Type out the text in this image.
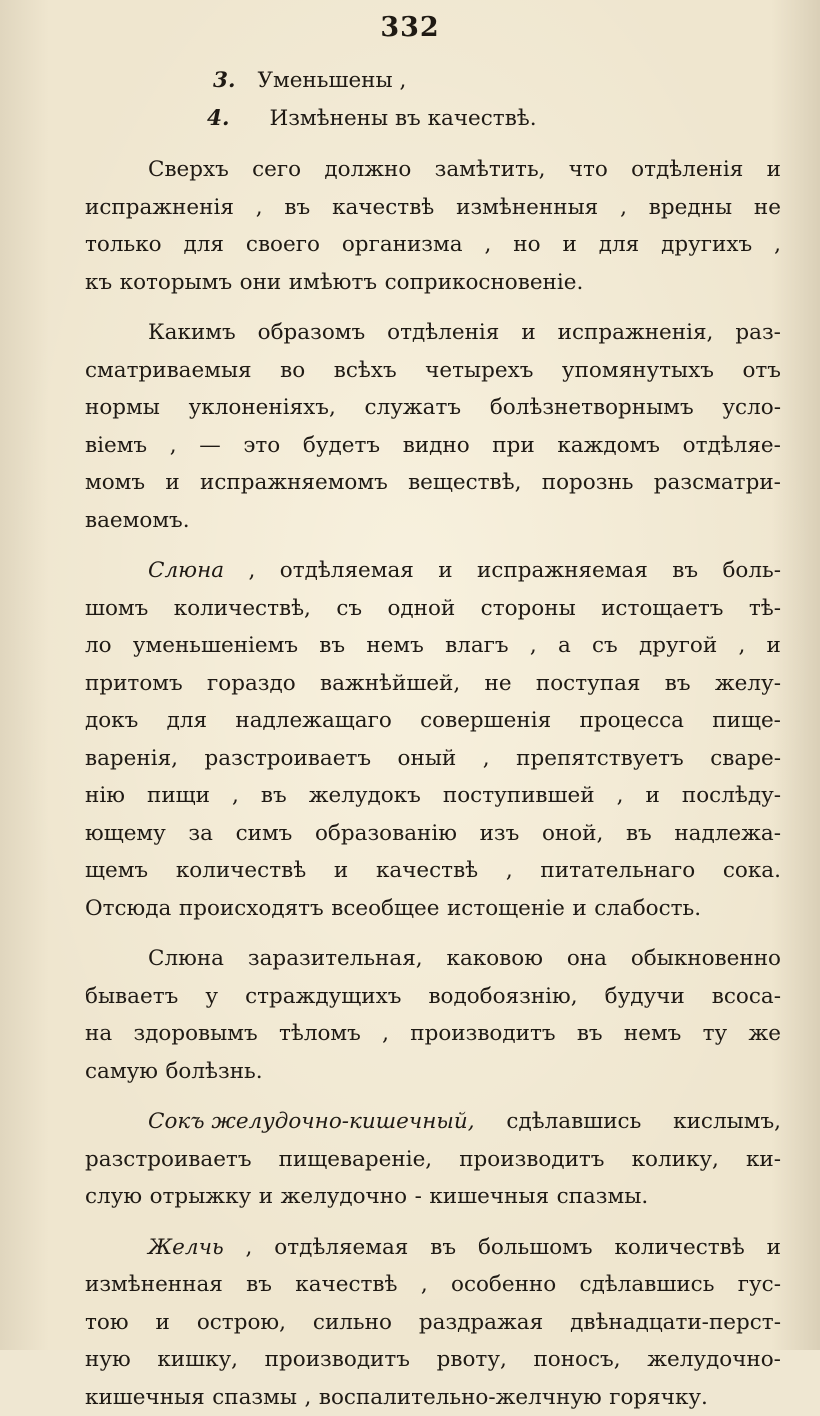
332
3. Уменьшены ,
4. Измѣнены въ качествѣ.
Сверхъ сего должно замѣтить, что отдѣленія и
испражненія , въ качествѣ измѣненныя , вредны не
только для своего организма , но и для другихъ ,
къ которымъ они имѣютъ соприкосновеніе.
Какимъ образомъ отдѣленія и испражненія, раз-
сматриваемыя во всѣхъ четырехъ упомянутыхъ отъ
нормы уклоненіяхъ, служатъ болѣзнетворнымъ усло-
віемъ , — это будетъ видно при каждомъ отдѣляе-
момъ и испражняемомъ веществѣ, порознь разсматри-
ваемомъ.
Слюна , отдѣляемая и испражняемая въ боль-
шомъ количествѣ, съ одной стороны истощаетъ тѣ-
ло уменьшеніемъ въ немъ влагъ , а съ другой , и
притомъ гораздо важнѣйшей, не поступая въ желу-
докъ для надлежащаго совершенія процесса пище-
варенія, разстроиваетъ оный , препятствуетъ сваре-
нію пищи , въ желудокъ поступившей , и послѣду-
ющему за симъ образованію изъ оной, въ надлежа-
щемъ количествѣ и качествѣ , питательнаго сока.
Отсюда происходятъ всеобщее истощеніе и слабость.
Слюна заразительная, каковою она обыкновенно
бываетъ у страждущихъ водобоязнію, будучи всоса-
на здоровымъ тѣломъ , производитъ въ немъ ту же
самую болѣзнь.
Сокъ желудочно-кишечный, сдѣлавшись кислымъ,
разстроиваетъ пищевареніе, производитъ колику, ки-
слую отрыжку и желудочно - кишечныя спазмы.
Желчь , отдѣляемая въ большомъ количествѣ и
измѣненная въ качествѣ , особенно сдѣлавшись гус-
тою и острою, сильно раздражая двѣнадцати-перст-
ную кишку, производитъ рвоту, поносъ, желудочно-
кишечныя спазмы , воспалительно-желчную горячку.
